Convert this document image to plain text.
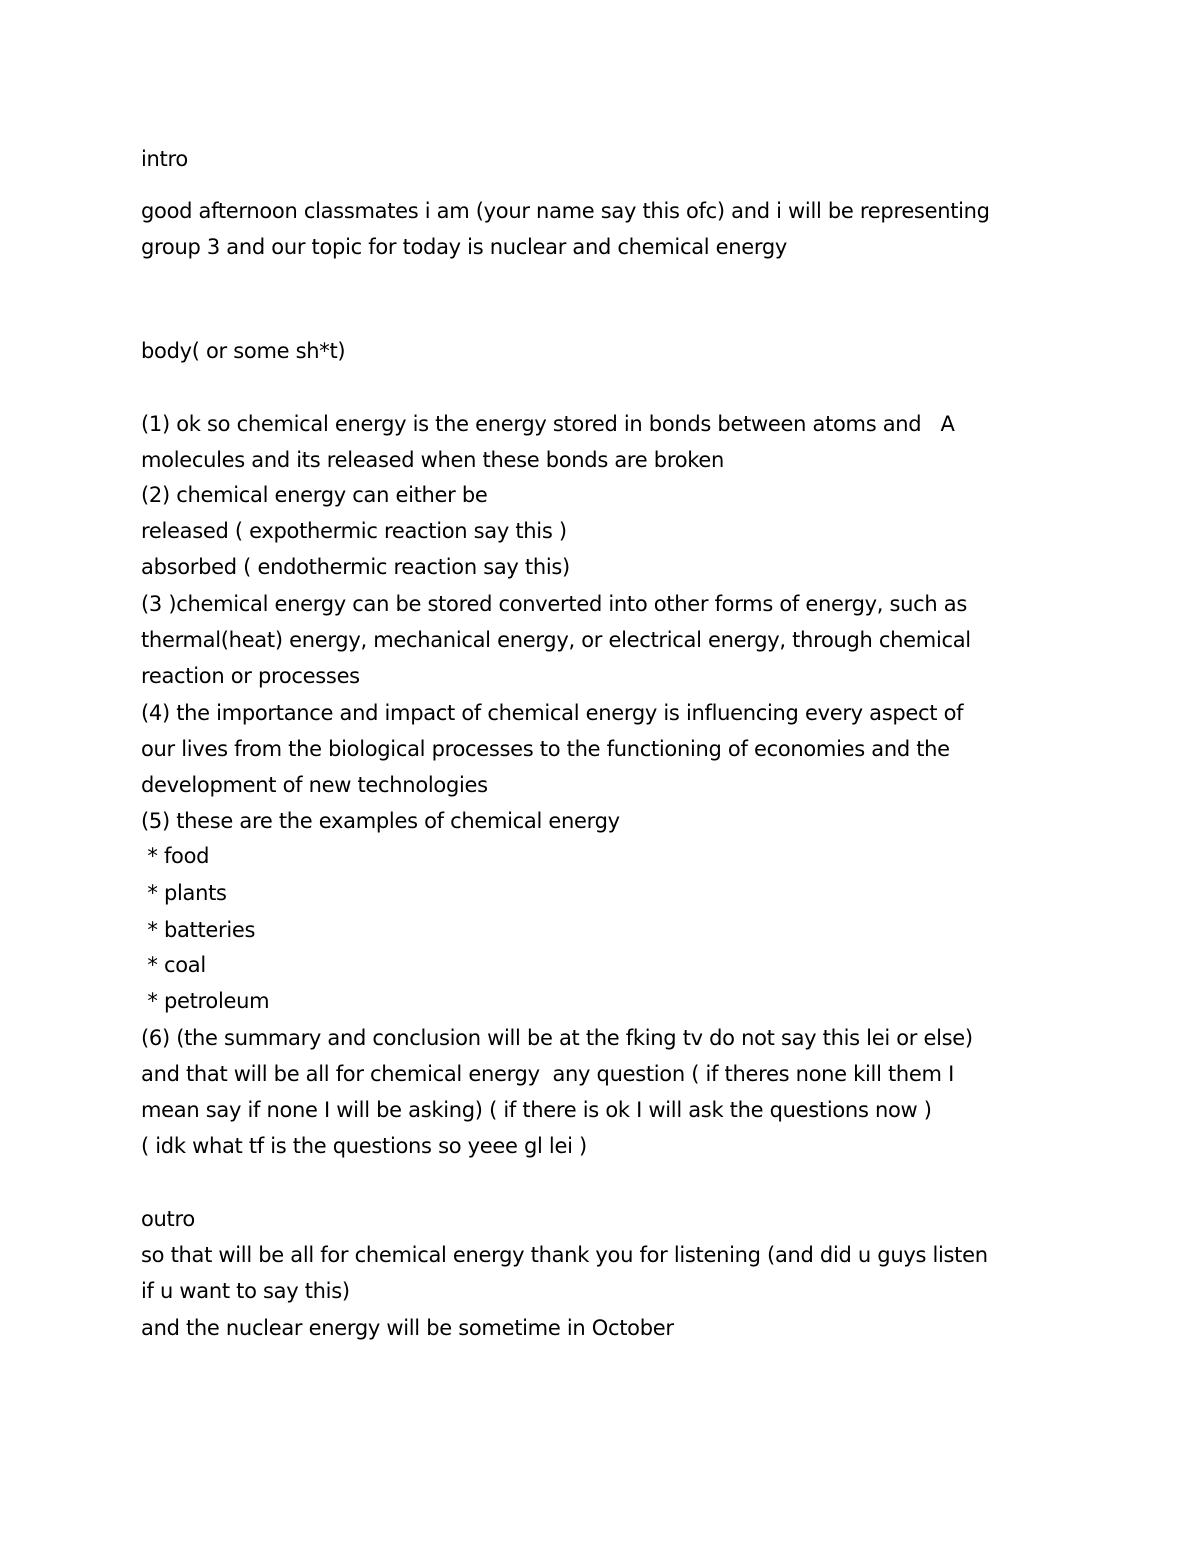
intro
good afternoon classmates i am (your name say this ofc) and i will be representing
group 3 and our topic for today is nuclear and chemical energy
body( or some sh*t)
(1) ok so chemical energy is the energy stored in bonds between atoms and   A
molecules and its released when these bonds are broken
(2) chemical energy can either be
released ( expothermic reaction say this )
absorbed ( endothermic reaction say this)
(3 )chemical energy can be stored converted into other forms of energy, such as
thermal(heat) energy, mechanical energy, or electrical energy, through chemical
reaction or processes
(4) the importance and impact of chemical energy is influencing every aspect of
our lives from the biological processes to the functioning of economies and the
development of new technologies
(5) these are the examples of chemical energy
* food
* plants
* batteries
* coal
* petroleum
(6) (the summary and conclusion will be at the fking tv do not say this lei or else)
and that will be all for chemical energy  any question ( if theres none kill them I
mean say if none I will be asking) ( if there is ok I will ask the questions now )
( idk what tf is the questions so yeee gl lei )
outro
so that will be all for chemical energy thank you for listening (and did u guys listen
if u want to say this)
and the nuclear energy will be sometime in October
